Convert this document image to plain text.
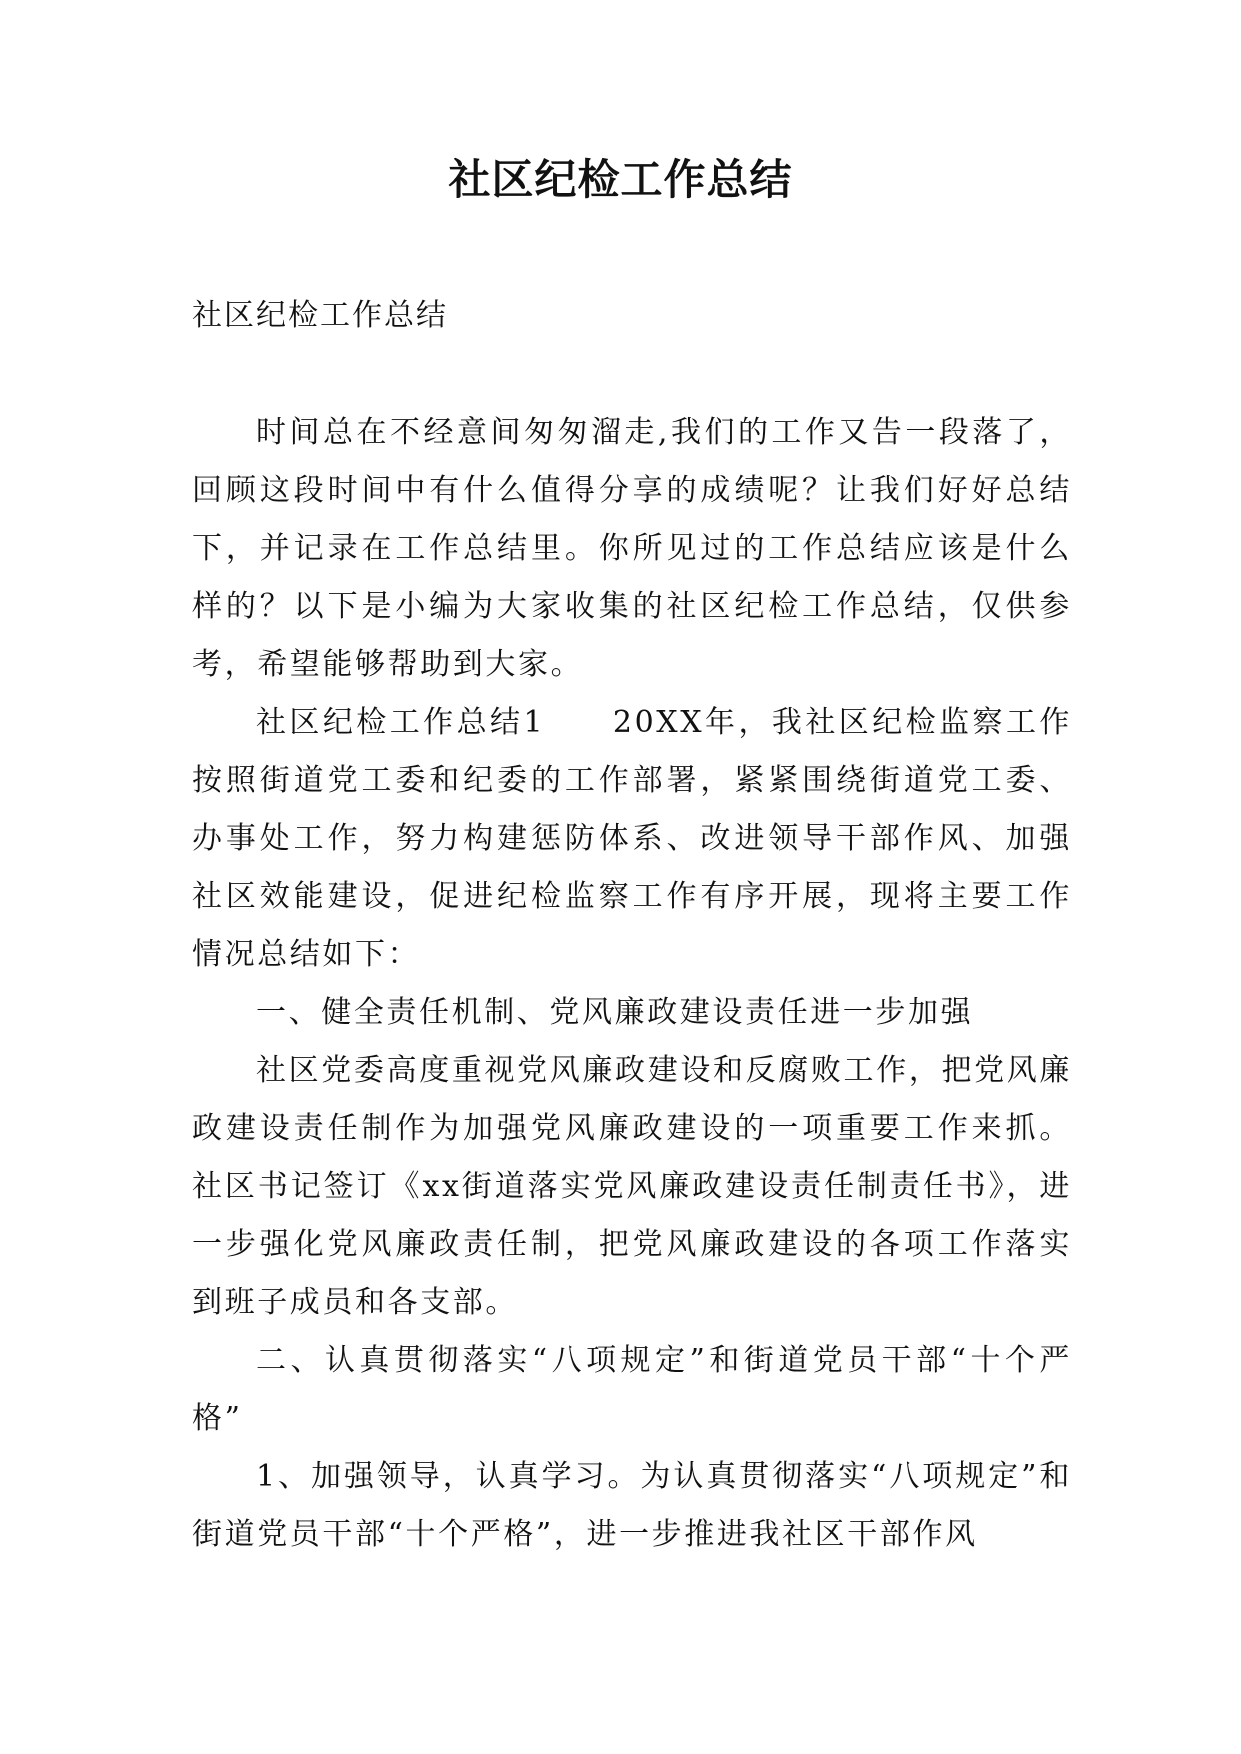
社区纪检工作总结

社区纪检工作总结

时间总在不经意间匆匆溜走,我们的工作又告一段落了，回顾这段时间中有什么值得分享的成绩呢？让我们好好总结下，并记录在工作总结里。你所见过的工作总结应该是什么样的？以下是小编为大家收集的社区纪检工作总结，仅供参考，希望能够帮助到大家。

社区纪检工作总结1　　20XX年，我社区纪检监察工作按照街道党工委和纪委的工作部署，紧紧围绕街道党工委、办事处工作，努力构建惩防体系、改进领导干部作风、加强社区效能建设，促进纪检监察工作有序开展，现将主要工作情况总结如下：

一、健全责任机制、党风廉政建设责任进一步加强

社区党委高度重视党风廉政建设和反腐败工作，把党风廉政建设责任制作为加强党风廉政建设的一项重要工作来抓。社区书记签订《xx街道落实党风廉政建设责任制责任书》，进一步强化党风廉政责任制，把党风廉政建设的各项工作落实到班子成员和各支部。

二、认真贯彻落实“八项规定”和街道党员干部“十个严格”

1、加强领导，认真学习。为认真贯彻落实“八项规定”和街道党员干部“十个严格”，进一步推进我社区干部作风
